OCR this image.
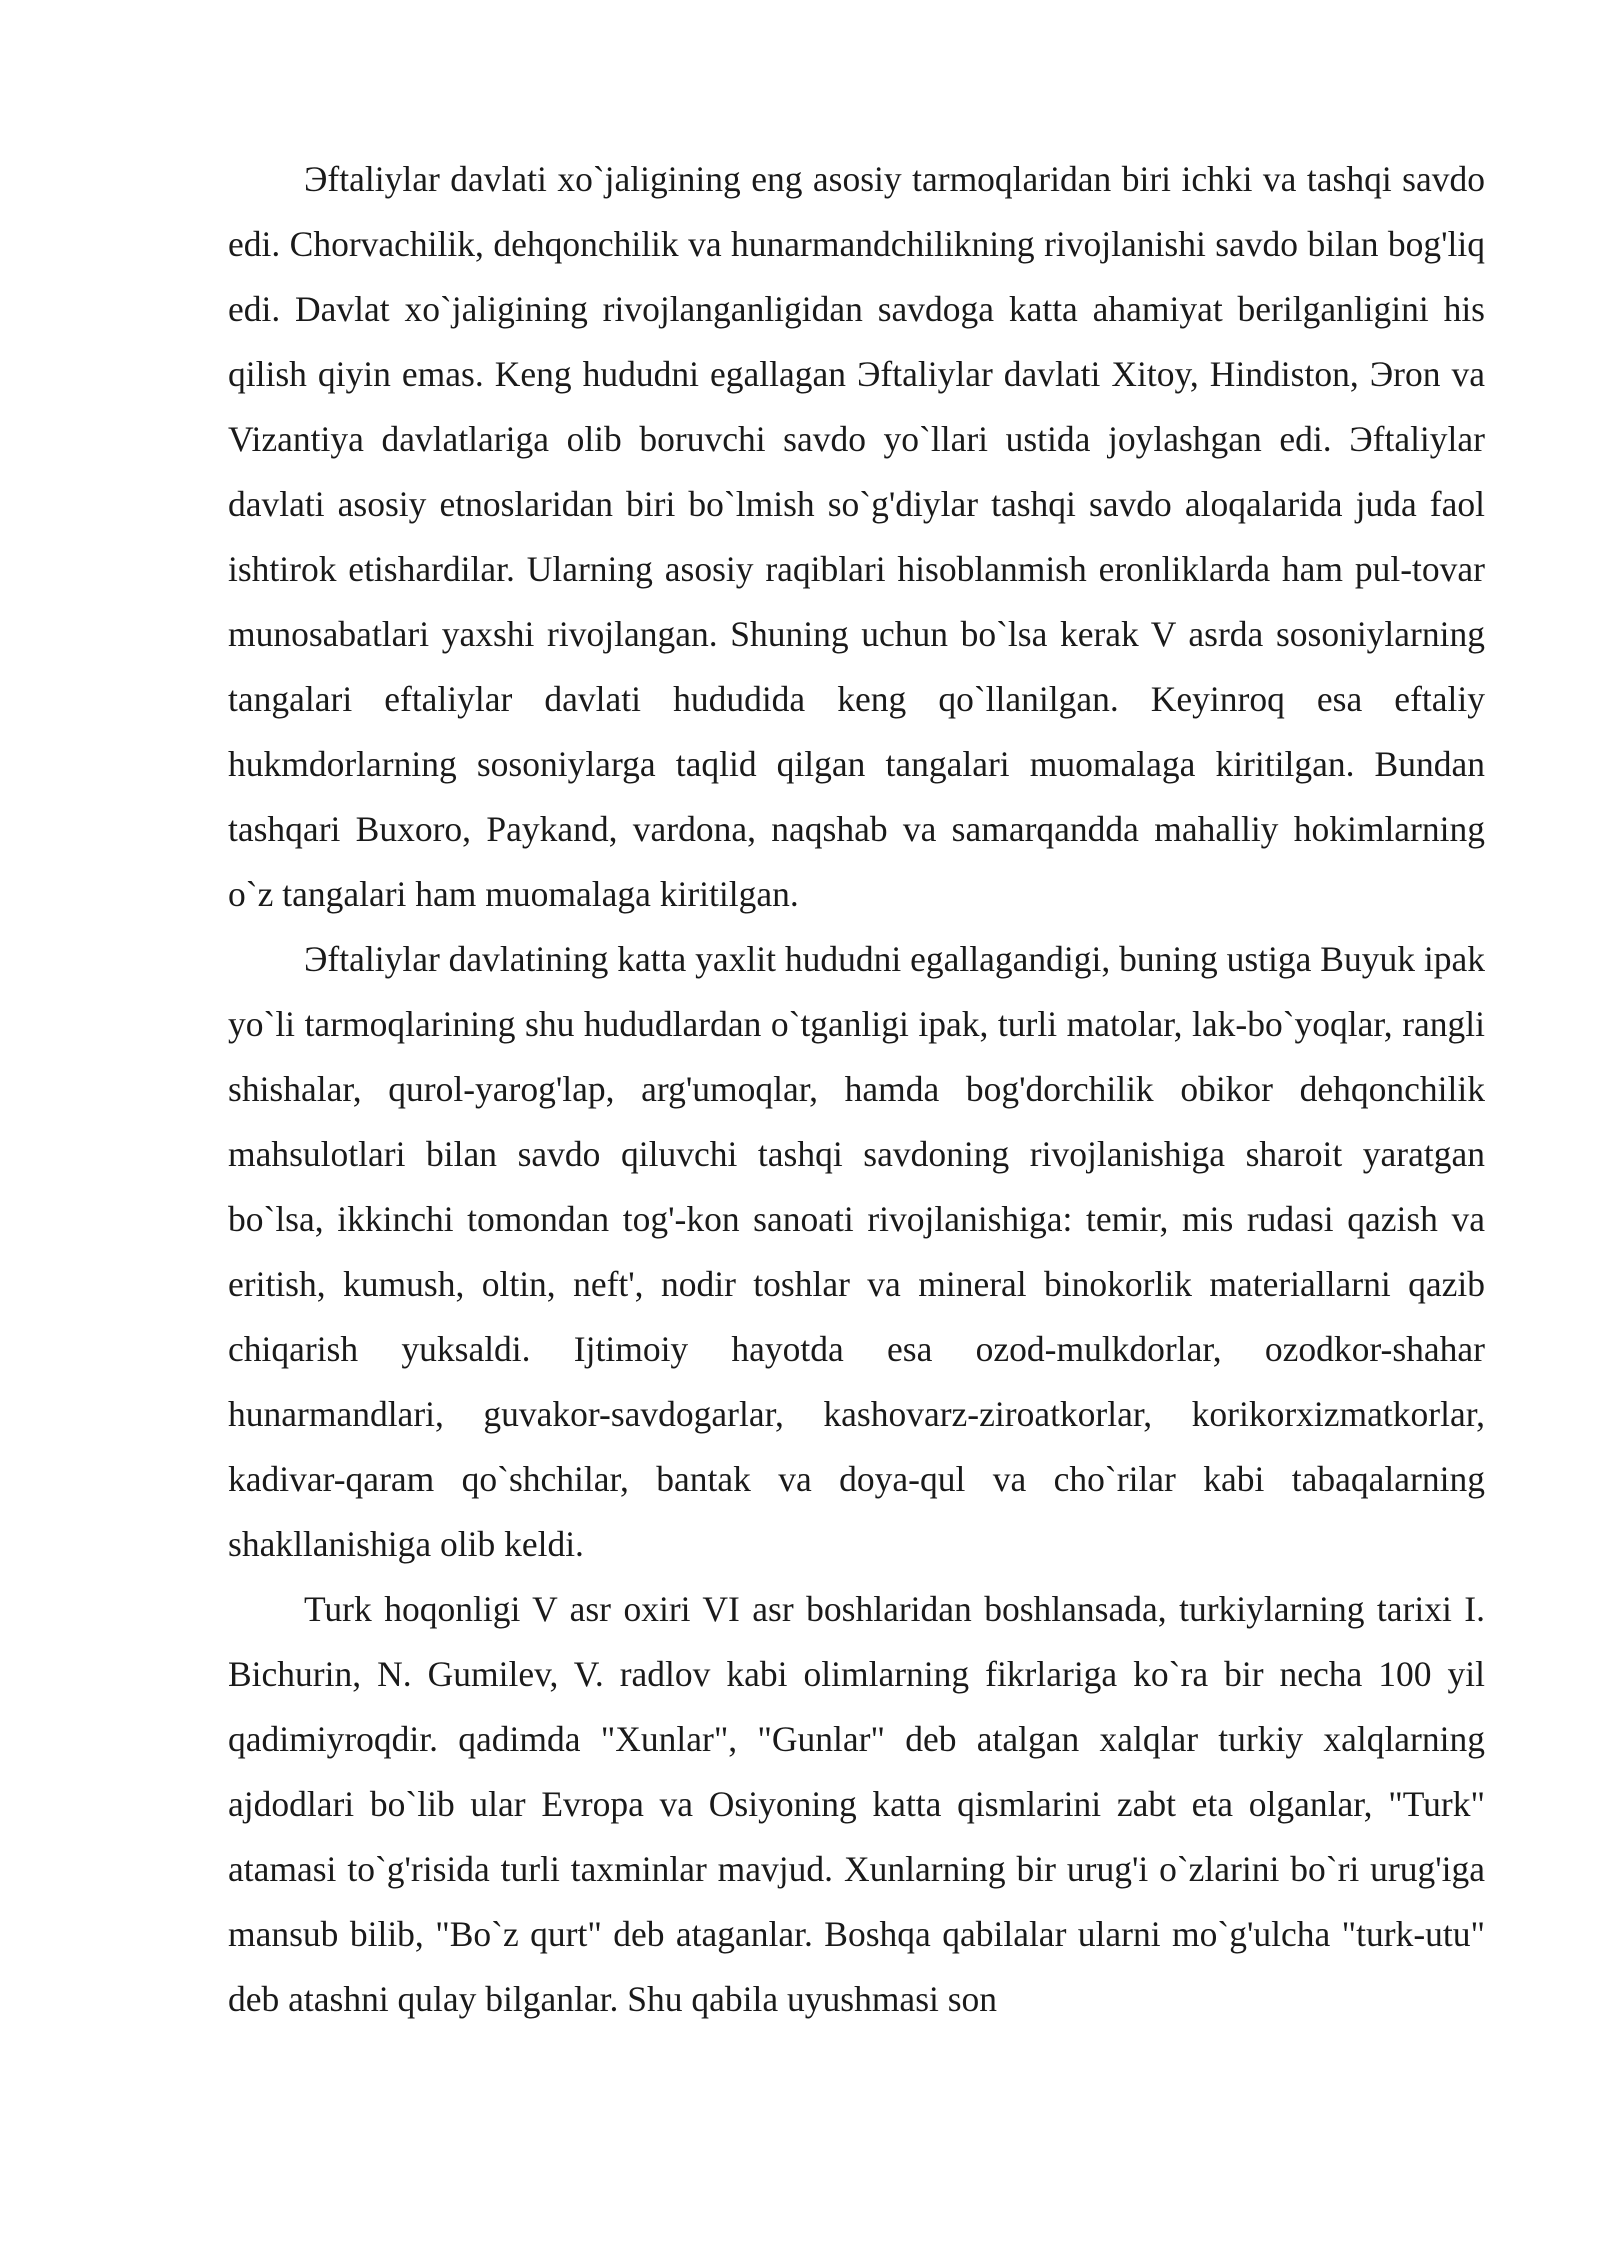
Эftaliylar davlati xo`jaligining eng asosiy tarmoqlaridan biri ichki va tashqi savdo edi. Chorvachilik, dehqonchilik va hunarmandchilikning rivojlanishi savdo bilan bog'liq edi. Davlat xo`jaligining rivojlanganligidan savdoga katta ahamiyat berilganligini his qilish qiyin emas. Keng hududni egallagan Эftaliylar davlati Xitoy, Hindiston, Эron va Vizantiya davlatlariga olib boruvchi savdo yo`llari ustida joylashgan edi. Эftaliylar davlati asosiy etnoslaridan biri bo`lmish so`g'diylar tashqi savdo aloqalarida juda faol ishtirok etishardilar. Ularning asosiy raqiblari hisoblanmish eronliklarda ham pul-tovar munosabatlari yaxshi rivojlangan. Shuning uchun bo`lsa kerak V asrda sosoniylarning tangalari eftaliylar davlati hududida keng qo`llanilgan. Keyinroq esa eftaliy hukmdorlarning sosoniylarga taqlid qilgan tangalari muomalaga kiritilgan. Bundan tashqari Buxoro, Paykand, vardona, naqshab va samarqandda mahalliy hokimlarning o`z tangalari ham muomalaga kiritilgan.

Эftaliylar davlatining katta yaxlit hududni egallagandigi, buning ustiga Buyuk ipak yo`li tarmoqlarining shu hududlardan o`tganligi ipak, turli matolar, lak-bo`yoqlar, rangli shishalar, qurol-yarog'lap, arg'umoqlar, hamda bog'dorchilik obikor dehqonchilik mahsulotlari bilan savdo qiluvchi tashqi savdoning rivojlanishiga sharoit yaratgan bo`lsa, ikkinchi tomondan tog'-kon sanoati rivojlanishiga: temir, mis rudasi qazish va eritish, kumush, oltin, neft', nodir toshlar va mineral binokorlik materiallarni qazib chiqarish yuksaldi. Ijtimoiy hayotda esa ozod-mulkdorlar, ozodkor-shahar hunarmandlari, guvakor-savdogarlar, kashovarz-ziroatkorlar, korikorxizmatkorlar, kadivar-qaram qo`shchilar, bantak va doya-qul va cho`rilar kabi tabaqalarning shakllanishiga olib keldi.

Turk hoqonligi V asr oxiri VI asr boshlaridan boshlansada, turkiylarning tarixi I. Bichurin, N. Gumilev, V. radlov kabi olimlarning fikrlariga ko`ra bir necha 100 yil qadimiyroqdir. qadimda "Xunlar", "Gunlar" deb atalgan xalqlar turkiy xalqlarning ajdodlari bo`lib ular Evropa va Osiyoning katta qismlarini zabt eta olganlar, "Turk" atamasi to`g'risida turli taxminlar mavjud. Xunlarning bir urug'i o`zlarini bo`ri urug'iga mansub bilib, "Bo`z qurt" deb ataganlar. Boshqa qabilalar ularni mo`g'ulcha "turk-utu" deb atashni qulay bilganlar. Shu qabila uyushmasi son
